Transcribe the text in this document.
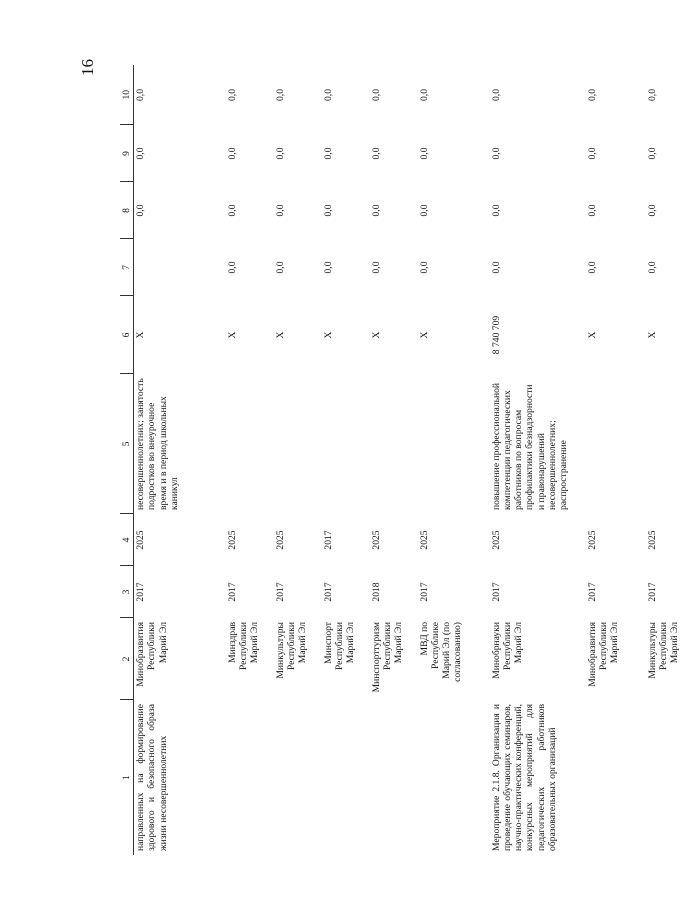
16
1	2	3	4	5	6	7	8	9	10
направленных на формирование здорового и безопасного образа жизни несовершеннолетних	Минобразвития Республики Марий Эл	2017	2025	несовершеннолетних; занятость подростков во внеурочное время и в период школьных каникул	X		0,0	0,0	0,0
	Минздрав Республики Марий Эл	2017	2025		X	0,0	0,0	0,0	0,0
	Минкультуры Республики Марий Эл	2017	2025		X	0,0	0,0	0,0	0,0
	Минспорт Республики Марий Эл	2017	2017		X	0,0	0,0	0,0	0,0
	Минспорттуризм Республики Марий Эл	2018	2025		X	0,0	0,0	0,0	0,0
	МВД по Республике Марий Эл (по согласованию)	2017	2025		X	0,0	0,0	0,0	0,0
Мероприятие 2.1.8. Организация и проведение обучающих семинаров, научно-практических конференций, конкурсных мероприятий для педагогических работников образовательных организаций	Минобрнауки Республики Марий Эл	2017	2025	повышение профессиональной компетенции педагогических работников по вопросам профилактики безнадзорности и правонарушений несовершеннолетних; распространение	8 740 709	0,0	0,0	0,0	0,0
	Минобразвития Республики Марий Эл	2017	2025		X	0,0	0,0	0,0	0,0
	Минкультуры Республики Марий Эл	2017	2025		X	0,0	0,0	0,0	0,0
